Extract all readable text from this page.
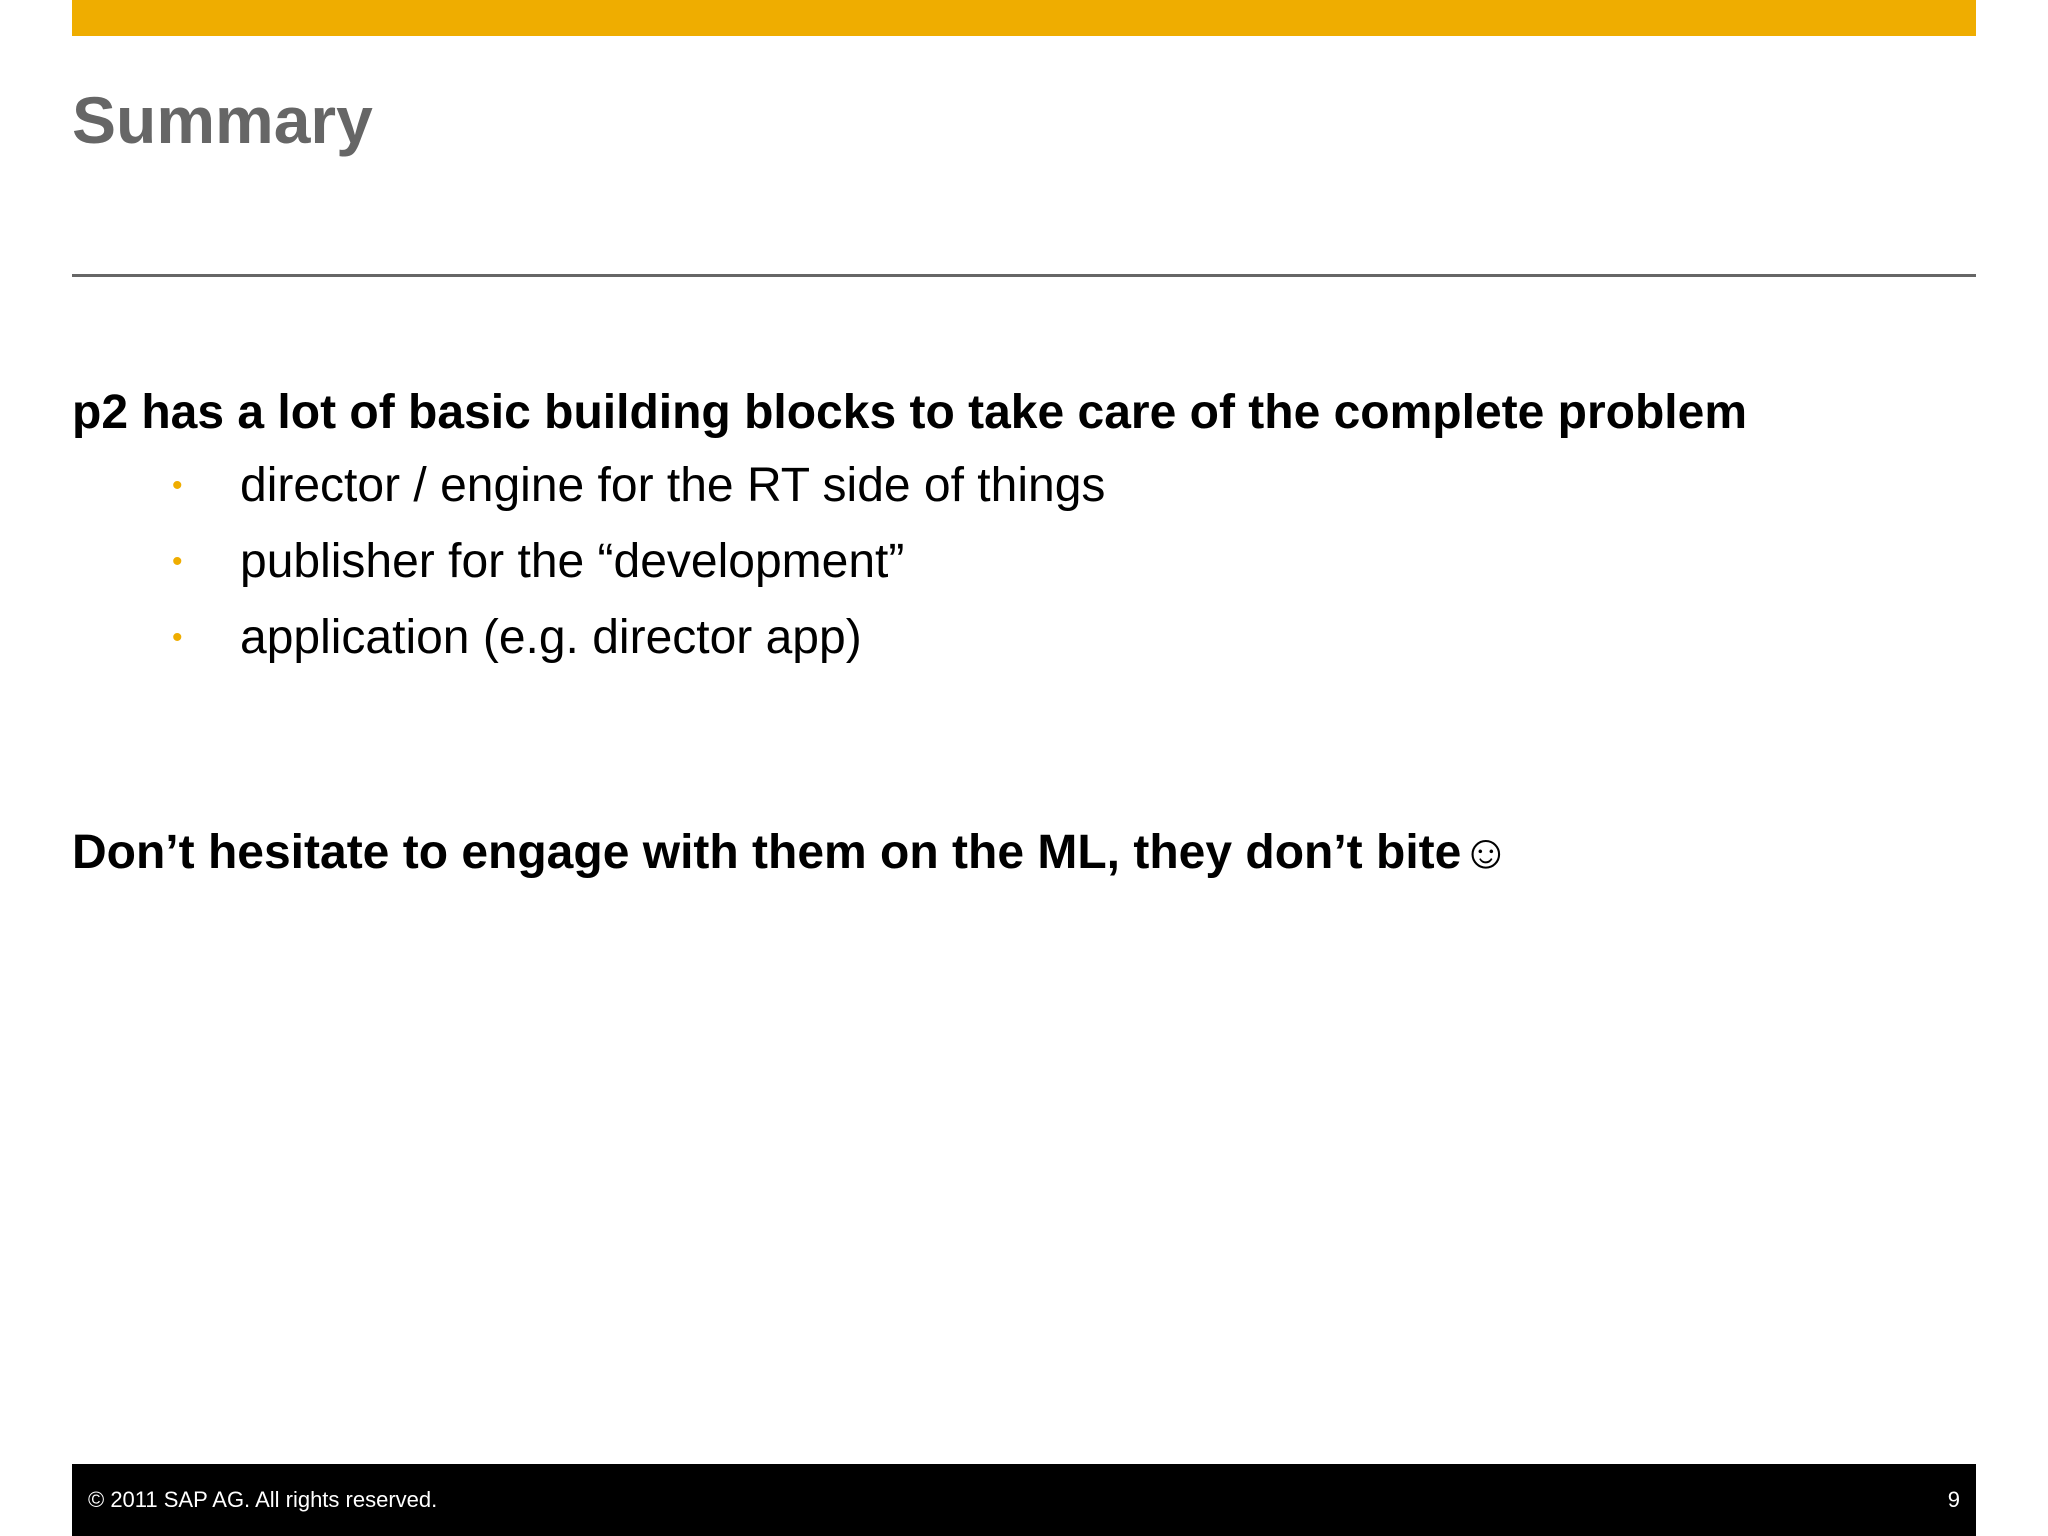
Summary

p2 has a lot of basic building blocks to take care of the complete problem

• director / engine for the RT side of things
• publisher for the “development”
• application (e.g. director app)

Don’t hesitate to engage with them on the ML, they don’t bite☺

© 2011 SAP AG. All rights reserved.	9
